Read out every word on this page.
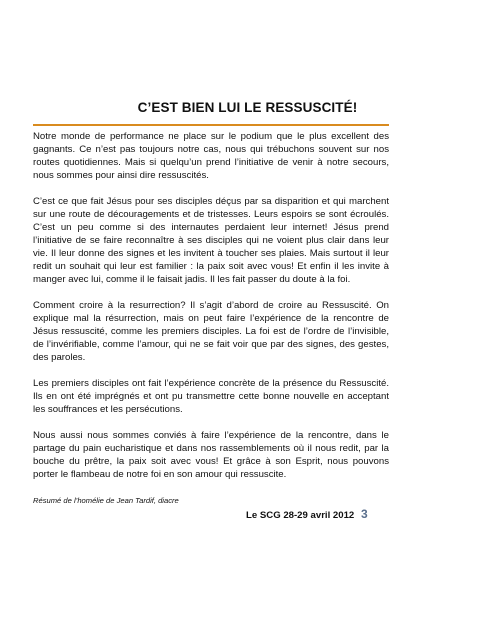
C’EST BIEN LUI LE RESSUSCITÉ!

Notre monde de performance ne place sur le podium que le plus excellent des gagnants. Ce n’est pas toujours notre cas, nous qui trébuchons souvent sur nos routes quotidiennes. Mais si quelqu’un prend l’initiative de venir à notre secours, nous sommes pour ainsi dire ressuscités.

C’est ce que fait Jésus pour ses disciples déçus par sa disparition et qui marchent sur une route de découragements et de tristesses. Leurs espoirs se sont écroulés. C’est un peu comme si des internautes perdaient leur internet! Jésus prend l’initiative de se faire reconnaître à ses disciples qui ne voient plus clair dans leur vie. Il leur donne des signes et les invitent à toucher ses plaies. Mais surtout il leur redit un souhait qui leur est familier : la paix soit avec vous! Et enfin il les invite à manger avec lui, comme il le faisait jadis. Il les fait passer du doute à la foi.

Comment croire à la resurrection? Il s’agit d’abord de croire au Ressuscité. On explique mal la résurrection, mais on peut faire l’expérience de la rencontre de Jésus ressuscité, comme les premiers disciples. La foi est de l’ordre de l’invisible, de l’invérifiable, comme l’amour, qui ne se fait voir que par des signes, des gestes, des paroles.

Les premiers disciples ont fait l’expérience concrète de la présence du Ressuscité. Ils en ont été imprégnés et ont pu transmettre cette bonne nouvelle en acceptant les souffrances et les persécutions.

Nous aussi nous sommes conviés à faire l’expérience de la rencontre, dans le partage du pain eucharistique et dans nos rassemblements où il nous redit, par la bouche du prêtre, la paix soit avec vous! Et grâce à son Esprit, nous pouvons porter le flambeau de notre foi en son amour qui ressuscite.

Résumé de l’homélie de Jean Tardif, diacre
Le SCG 28-29 avril 2012 3
